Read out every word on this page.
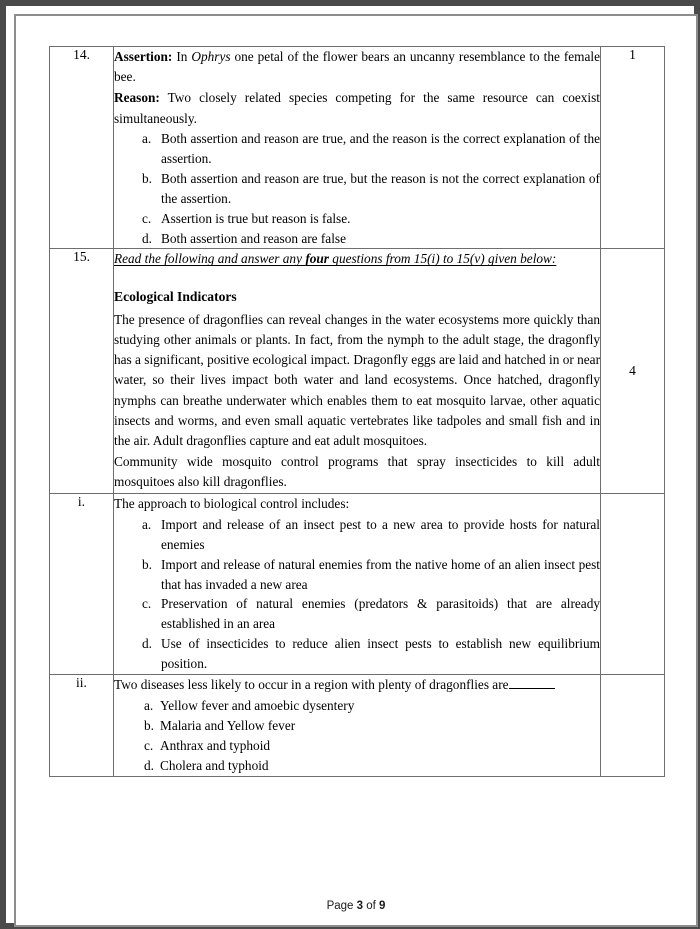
14.	Assertion: In Ophrys one petal of the flower bears an uncanny resemblance to the female bee.

Reason: Two closely related species competing for the same resource can coexist simultaneously.

a. Both assertion and reason are true, and the reason is the correct explanation of the assertion.
b. Both assertion and reason are true, but the reason is not the correct explanation of the assertion.
c. Assertion is true but reason is false.
d. Both assertion and reason are false
	1
15.	Read the following and answer any four questions from 15(i) to 15(v) given below:

Ecological Indicators

The presence of dragonflies can reveal changes in the water ecosystems more quickly than studying other animals or plants. In fact, from the nymph to the adult stage, the dragonfly has a significant, positive ecological impact. Dragonfly eggs are laid and hatched in or near water, so their lives impact both water and land ecosystems. Once hatched, dragonfly nymphs can breathe underwater which enables them to eat mosquito larvae, other aquatic insects and worms, and even small aquatic vertebrates like tadpoles and small fish and in the air. Adult dragonflies capture and eat adult mosquitoes.

Community wide mosquito control programs that spray insecticides to kill adult mosquitoes also kill dragonflies.	4
i.	The approach to biological control includes:

a. Import and release of an insect pest to a new area to provide hosts for natural enemies
b. Import and release of natural enemies from the native home of an alien insect pest that has invaded a new area
c. Preservation of natural enemies (predators & parasitoids) that are already established in an area
d. Use of insecticides to reduce alien insect pests to establish new equilibrium position.

ii.	Two diseases less likely to occur in a region with plenty of dragonflies are

a. Yellow fever and amoebic dysentery
b. Malaria and Yellow fever
c. Anthrax and typhoid
d. Cholera and typhoid

Page 3 of 9
